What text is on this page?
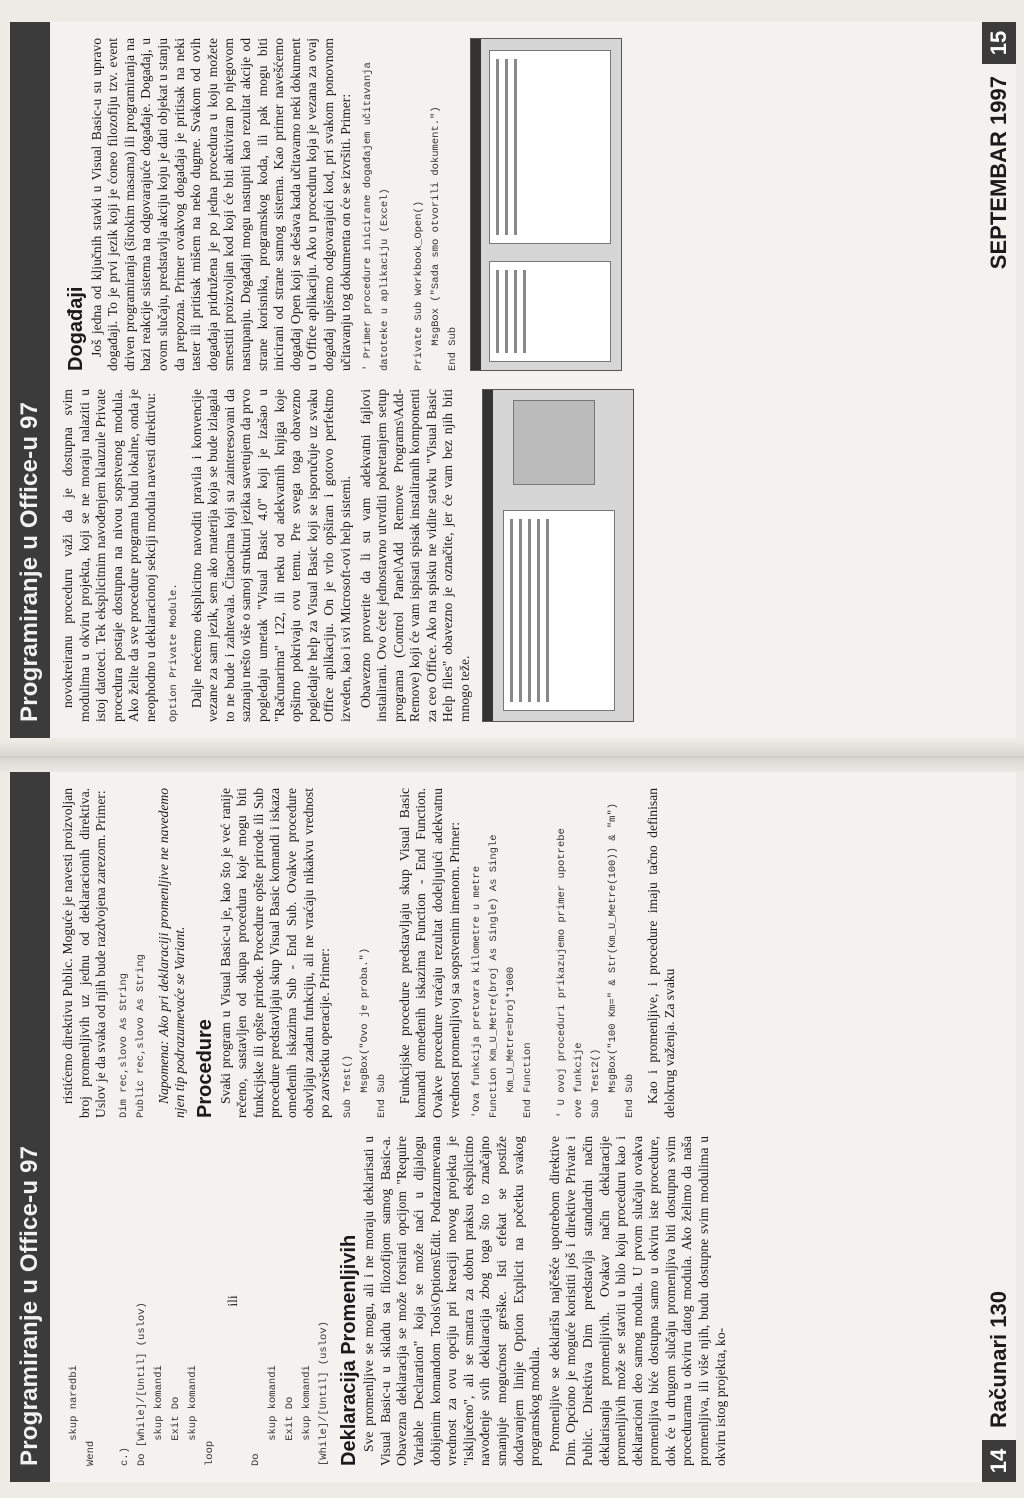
Programiranje u Office-u 97	skup naredbi
Wend

c.)
Do [While]/[Until] (uslov)
skup komandi
Exit Do
skup komandi
loop
ili
Do
skup komandi
Exit Do
skup komandi
[While]/[Until] (uslov) Deklaracija Promenljivih Sve promenljive se mogu, ali i ne moraju deklarisati u Visual Basic-u u skladu sa filozofijom samog Basic-a. Obavezna deklaracija se može forsirati opcijom "Require Variable Declaration" koja se može naći u dijalogu dobijenim komandom Tools\Options\Edit. Podrazumevana vrednost za ovu opciju pri kreaciji novog projekta je "isključeno", ali se smatra za dobru praksu eksplicitno navođenje svih deklaracija zbog toga što to značajno smanjuje mogućnost greške. Isti efekat se postiže dodavanjem linije Option Explicit na početku svakog programskog modula. Promenljive se deklarišu najčešće upotrebom direktive Dim. Opciono je moguće koristiti još i direktive Private i Public. Direktiva Dim predstavlja standardni način deklarisanja promenljivih. Ovakav način deklaracije promenljivih može se staviti u bilo koju proceduru kao i deklaracioni deo samog modula. U prvom slučaju ovakva promenljiva biće dostupna samo u okviru iste procedure, dok će u drugom slučaju promenljiva biti dostupna svim procedurama u okviru datog modula. Ako želimo da naša promenljiva, ili više njih, budu dostupne svim modulima u okviru istog projekta, ko-

ristićemo direktivu Public. Moguće je navesti proizvoljan broj promenljivih uz jednu od deklaracionih direktiva. Uslov je da svaka od njih bude razdvojena zarezom. Primer: Dim rec,slovo As String
Public rec,slovo As String Napomena: Ako pri deklaraciji promenljive ne navedemo njen tip podrazumevaće se Variant. Procedure Svaki program u Visual Basic-u je, kao što je već ranije rečeno, sastavljen od skupa procedura koje mogu biti funkcijske ili opšte prirode. Procedure opšte prirode ili Sub procedure predstavljaju skup Visual Basic komandi i iskaza omeđenih iskazima Sub - End Sub. Ovakve procedure obavljaju zadatu funkciju, ali ne vraćaju nikakvu vrednost po završetku operacije. Primer: Sub Test()
MsgBox("Ovo je proba.")
End Sub Funkcijske procedure predstavljaju skup Visual Basic komandi omeđenih iskazima Function - End Function. Ovakve procedure vraćaju rezultat dodeljujući adekvatnu vrednost promenljivoj sa sopstvenim imenom. Primer: 'Ova funkcija pretvara kilometre u metre
Function Km_U_Metre(broj As Single) As Single
Km_U_Metre=broj*1000
End Function

' U ovoj proceduri prikazujemo primer upotrebe
ove funkcije
Sub Test2()
MsgBox("100 Km=" & Str(Km_U_Metre(100)) & "m")
End Sub Kao i promenljive, i procedure imaju tačno definisan delokrug važenja. Za svaku

14
Računari 130
Programiranje u Office-u 97	novokreiranu proceduru važi da je dostupna svim modulima u okviru projekta, koji se ne moraju nalaziti u istoj datoteci. Tek eksplicitnim navođenjem klauzule Private procedura postaje dostupna na nivou sopstvenog modula. Ako želite da sve procedure programa budu lokalne, onda je neophodno u deklaracionoj sekciji modula navesti direktivu: Option Private Module. Dalje nećemo eksplicitno navoditi pravila i konvencije vezane za sam jezik, sem ako materija koja se bude izlagala to ne bude i zahtevala. Čitaocima koji su zainteresovani da saznaju nešto više o samoj strukturi jezika savetujem da prvo pogledaju umetak "Visual Basic 4.0" koji je izašao u "Računarima" 122, ili neku od adekvatnih knjiga koje opširno pokrivaju ovu temu. Pre svega toga obavezno pogledajte help za Visual Basic koji se isporučuje uz svaku Office aplikaciju. On je vrlo opširan i gotovo perfektno izveden, kao i svi Microsoft-ovi help sistemi. Obavezno proverite da li su vam adekvatni fajlovi instalirani. Ovo ćete jednostavno utvrditi pokretanjem setup programa (Control Panel\Add Remove Programs\Add-Remove) koji će vam ispisati spisak instaliranih komponenti za ceo Office. Ako na spisku ne vidite stavku "Visual Basic Help files" obavezno je označite, jer će vam bez njih biti mnogo teže.

Događaji Još jedna od ključnih stavki u Visual Basic-u su upravo događaji. To je prvi jezik koji je ćoneo filozofiju tzv. event driven programiranja (širokim masama) ili programiranja na bazi reakcije sistema na odgovarajuće događaje. Događaj, u ovom slučaju, predstavlja akciju koju je dati objekat u stanju da prepozna. Primer ovakvog događaja je pritisak na neki taster ili pritisak mišem na neko dugme. Svakom od ovih događaja pridružena je po jedna procedura u koju možete smestiti proizvoljan kod koji će biti aktiviran po njegovom nastupanju. Događaji mogu nastupiti kao rezultat akcije od strane korisnika, programskog koda, ili pak mogu biti inicirani od strane samog sistema. Kao primer navešćemo događaj Open koji se dešava kada učitavamo neki dokument u Office aplikaciju. Ako u proceduru koja je vezana za ovaj događaj upišemo odgovarajući kod, pri svakom ponovnom učitavanju tog dokumenta on će se izvršiti. Primer: ' Primer procedure inicirane događajem učitavanja datoteke u aplikaciju (Excel)

Private Sub Workbook_Open()
MsgBox ("Sada smo otvorili dokument.")
End Sub
SEPTEMBAR 1997
15
